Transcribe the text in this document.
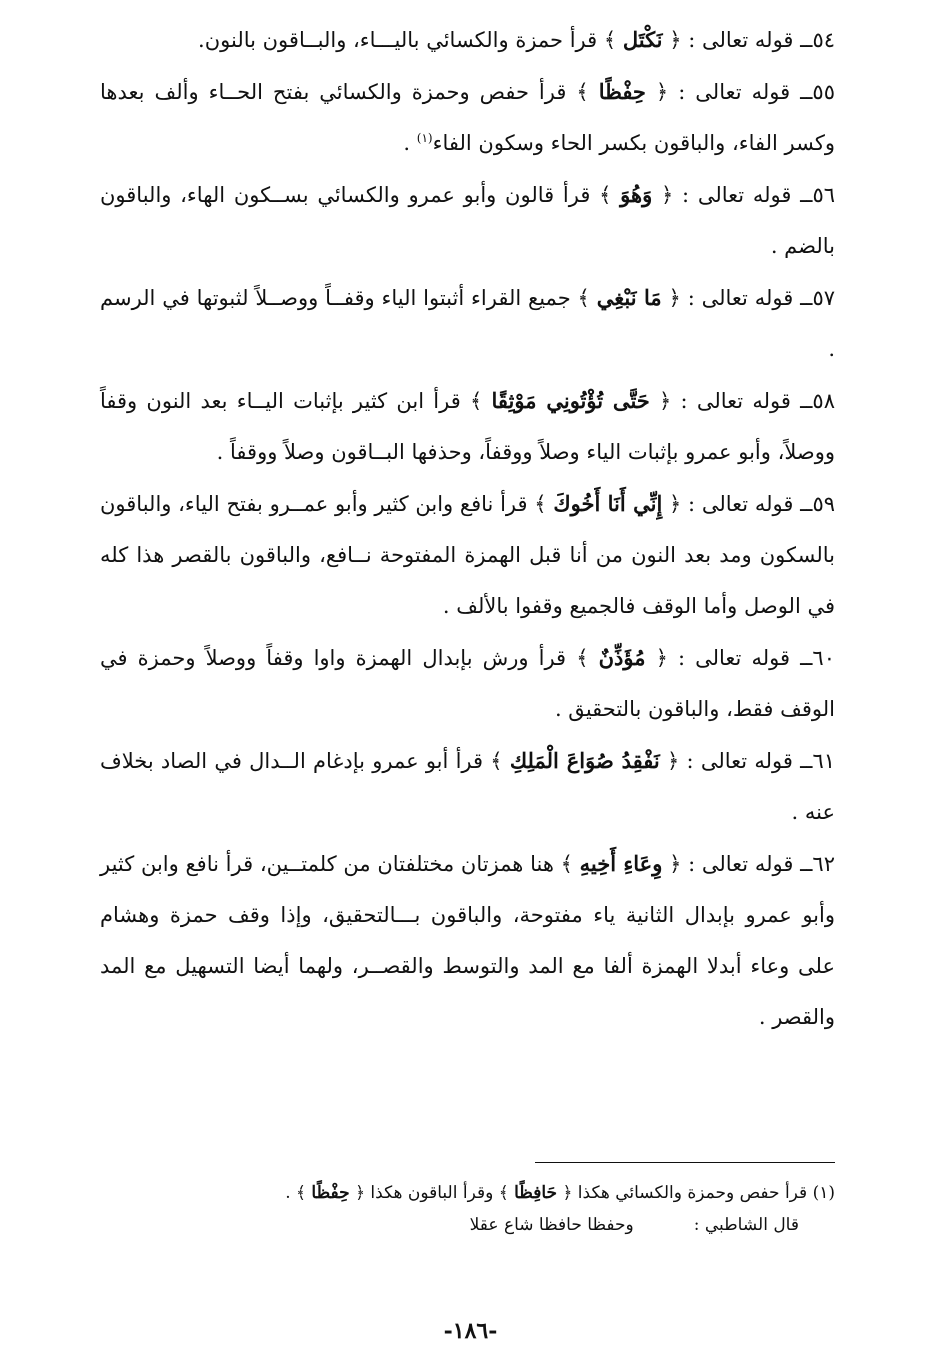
٥٤ــ قوله تعالى : ﴿ نَكْتَل ﴾ قرأ حمزة والكسائي باليـــاء، والبــاقون بالنون.

٥٥ــ قوله تعالى : ﴿ حِفْظًا ﴾ قرأ حفص وحمزة والكسائي بفتح الحــاء وألف بعدها وكسر الفاء، والباقون بكسر الحاء وسكون الفاء$^{(١)}$ .

٥٦ــ قوله تعالى : ﴿ وَهُوَ ﴾ قرأ قالون وأبو عمرو والكسائي بســكون الهاء، والباقون بالضم .

٥٧ــ قوله تعالى : ﴿ مَا نَبْغِي ﴾ جميع القراء أثبتوا الياء وقفــاً ووصــلاً لثبوتها في الرسم .

٥٨ــ قوله تعالى : ﴿ حَتَّى تُؤْتُونِي مَوْثِقًا ﴾ قرأ ابن كثير بإثبات اليــاء بعد النون وقفاً ووصلاً، وأبو عمرو بإثبات الياء وصلاً ووقفاً، وحذفها البــاقون وصلاً ووقفاً .

٥٩ــ قوله تعالى : ﴿ إِنِّي أَنَا أَخُوكَ ﴾ قرأ نافع وابن كثير وأبو عمــرو بفتح الياء، والباقون بالسكون ومد بعد النون من أنا قبل الهمزة المفتوحة نــافع، والباقون بالقصر هذا كله في الوصل وأما الوقف فالجميع وقفوا بالألف .

٦٠ــ قوله تعالى : ﴿ مُؤَذِّنٌ ﴾ قرأ ورش بإبدال الهمزة واوا وقفاً ووصلاً وحمزة في الوقف فقط، والباقون بالتحقيق .

٦١ــ قوله تعالى : ﴿ نَفْقِدُ صُوَاعَ الْمَلِكِ ﴾ قرأ أبو عمرو بإدغام الــدال في الصاد بخلاف عنه .

٦٢ــ قوله تعالى : ﴿ وِعَاءِ أَخِيهِ ﴾ هنا همزتان مختلفتان من كلمتــين، قرأ نافع وابن كثير وأبو عمرو بإبدال الثانية ياء مفتوحة، والباقون بـــالتحقيق، وإذا وقف حمزة وهشام على وعاء أبدلا الهمزة ألفا مع المد والتوسط والقصــر، ولهما أيضا التسهيل مع المد والقصر .

(١) قرأ حفص وحمزة والكسائي هكذا ﴿ حَافِظًا ﴾ وقرأ الباقون هكذا ﴿ حِفْظًا ﴾ .

قال الشاطبي :
وحفظا حافظا شاع عقلا

-١٨٦-
